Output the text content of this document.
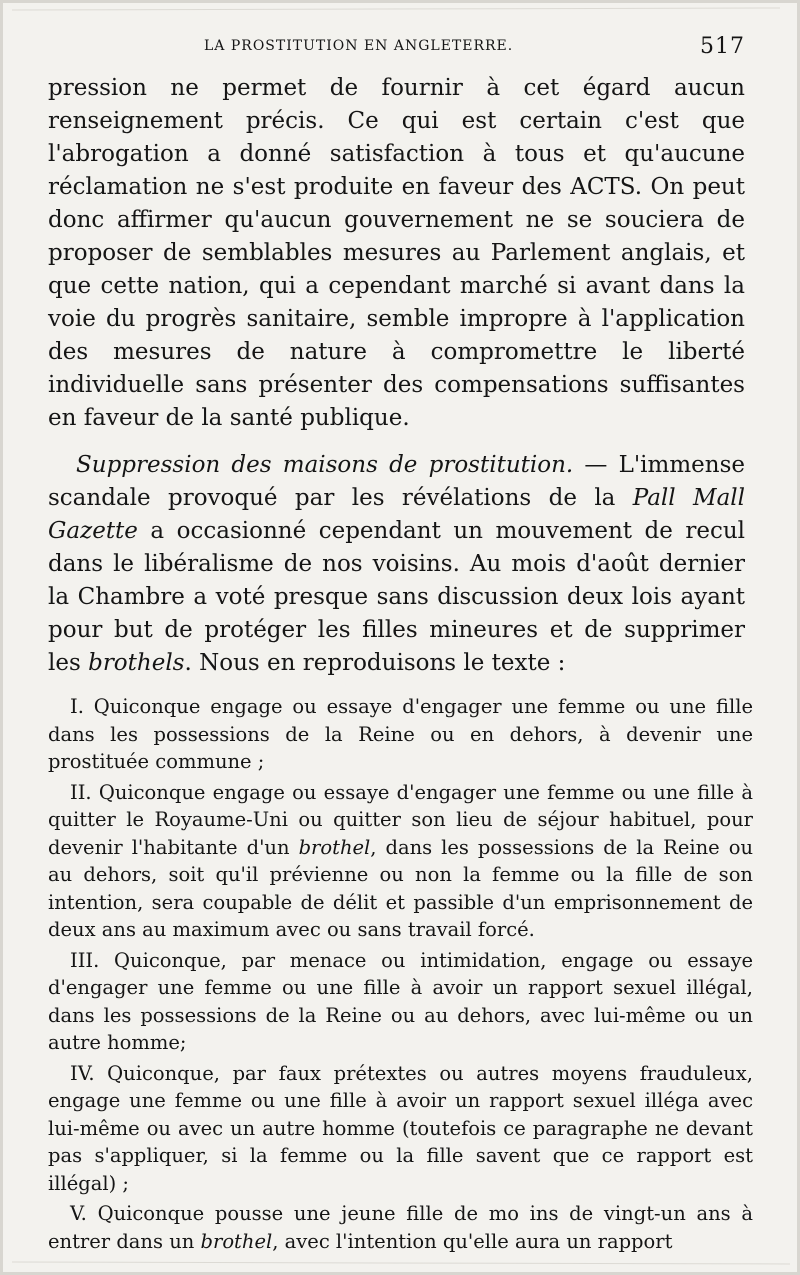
LA PROSTITUTION EN ANGLETERRE.	517

pression ne permet de fournir à cet égard aucun renseignement précis. Ce qui est certain c'est que l'abrogation a donné satisfaction à tous et qu'aucune réclamation ne s'est produite en faveur des ACTS. On peut donc affirmer qu'aucun gouvernement ne se souciera de proposer de semblables mesures au Parlement anglais, et que cette nation, qui a cependant marché si avant dans la voie du progrès sanitaire, semble impropre à l'application des mesures de nature à compromettre le liberté individuelle sans présenter des compensations suffisantes en faveur de la santé publique.

Suppression des maisons de prostitution. — L'immense scandale provoqué par les révélations de la Pall Mall Gazette a occasionné cependant un mouvement de recul dans le libéralisme de nos voisins. Au mois d'août dernier la Chambre a voté presque sans discussion deux lois ayant pour but de protéger les filles mineures et de supprimer les brothels. Nous en reproduisons le texte :

I. Quiconque engage ou essaye d'engager une femme ou une fille dans les possessions de la Reine ou en dehors, à devenir une prostituée commune ;

II. Quiconque engage ou essaye d'engager une femme ou une fille à quitter le Royaume-Uni ou quitter son lieu de séjour habituel, pour devenir l'habitante d'un brothel, dans les possessions de la Reine ou au dehors, soit qu'il prévienne ou non la femme ou la fille de son intention, sera coupable de délit et passible d'un emprisonnement de deux ans au maximum avec ou sans travail forcé.

III. Quiconque, par menace ou intimidation, engage ou essaye d'engager une femme ou une fille à avoir un rapport sexuel illégal, dans les possessions de la Reine ou au dehors, avec lui-même ou un autre homme;

IV. Quiconque, par faux prétextes ou autres moyens frauduleux, engage une femme ou une fille à avoir un rapport sexuel illéga avec lui-même ou avec un autre homme (toutefois ce paragraphe ne devant pas s'appliquer, si la femme ou la fille savent que ce rapport est illégal) ;

V. Quiconque pousse une jeune fille de mo ins de vingt-un ans à entrer dans un brothel, avec l'intention qu'elle aura un rapport
